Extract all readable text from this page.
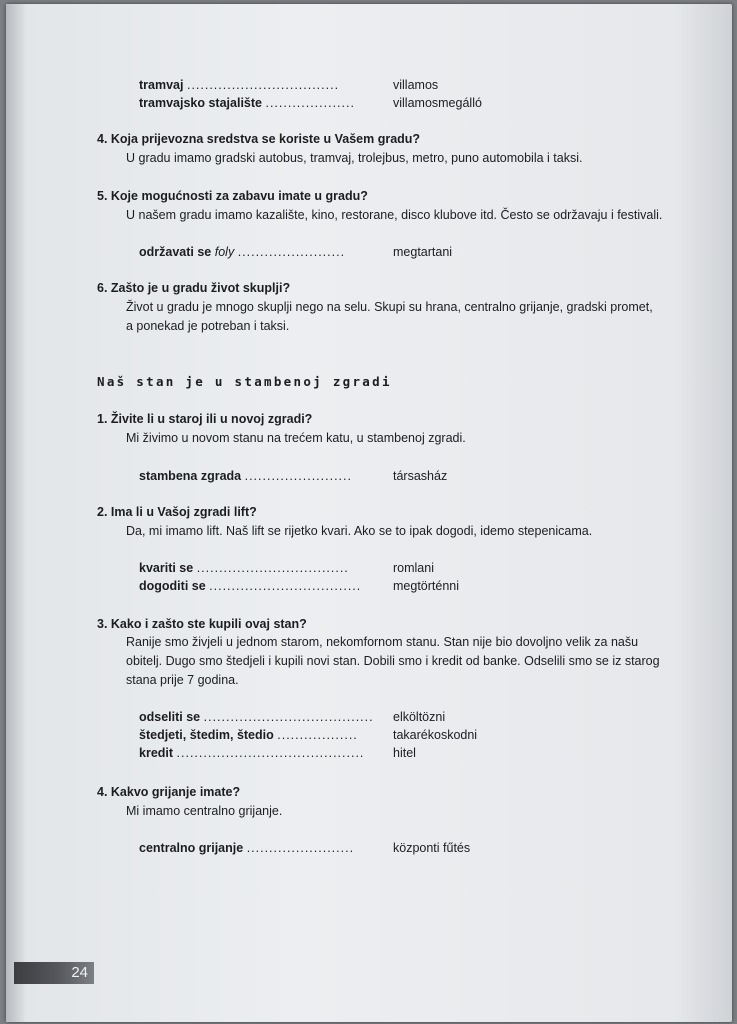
tramvaj ..................................	villamos
tramvajsko stajalište ....................	villamosmegálló
4. Koja prijevozna sredstva se koriste u Vašem gradu?
U gradu imamo gradski autobus, tramvaj, trolejbus, metro, puno automobila i taksi.
5. Koje mogućnosti za zabavu imate u gradu?
U našem gradu imamo kazalište, kino, restorane, disco klubove itd. Često se održavaju i festivali.
održavati se foly ........................	megtartani
6. Zašto je u gradu život skuplji?
Život u gradu je mnogo skuplji nego na selu. Skupi su hrana, centralno grijanje, gradski promet,
a ponekad je potreban i taksi.
Naš stan je u stambenoj zgradi
1. Živite li u staroj ili u novoj zgradi?
Mi živimo u novom stanu na trećem katu, u stambenoj zgradi.
stambena zgrada ........................	társasház
2. Ima li u Vašoj zgradi lift?
Da, mi imamo lift. Naš lift se rijetko kvari. Ako se to ipak dogodi, idemo stepenicama.
kvariti se ..................................	romlani
dogoditi se ..................................	megtörténni
3. Kako i zašto ste kupili ovaj stan?
Ranije smo živjeli u jednom starom, nekomfornom stanu. Stan nije bio dovoljno velik za našu
obitelj. Dugo smo štedjeli i kupili novi stan. Dobili smo i kredit od banke. Odselili smo se iz starog
stana prije 7 godina.
odseliti se ...................................... elköltözni
štedjeti, štedim, štedio ..................	takarékoskodni
kredit .......................................... hitel
4. Kakvo grijanje imate?
Mi imamo centralno grijanje.
centralno grijanje ........................	központi fűtés
24
